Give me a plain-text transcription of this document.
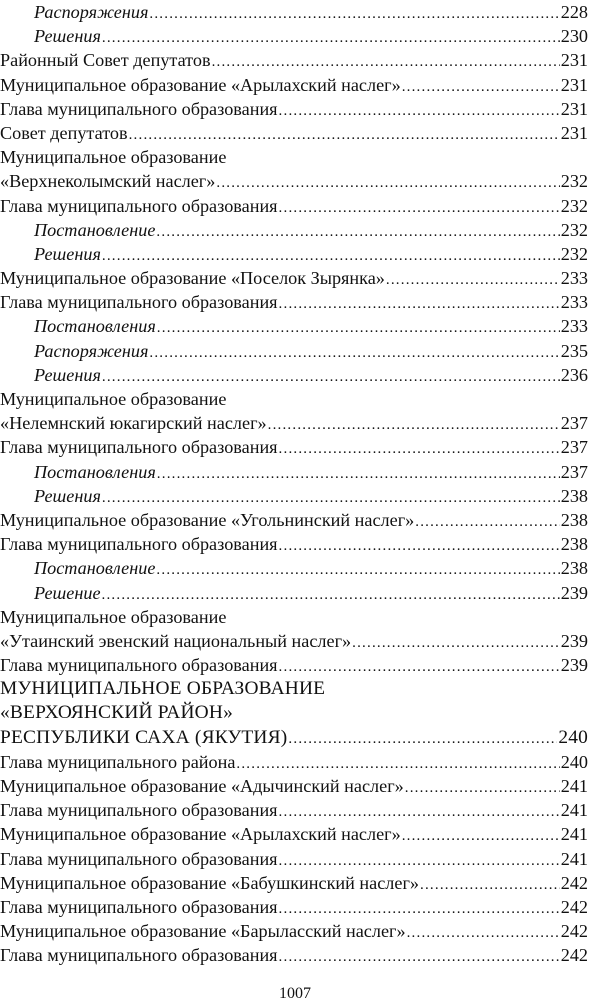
Распоряжения .....	228
Решения .....	230
Районный Совет депутатов .....	231
Муниципальное образование «Арылахский наслег» .....	231
Глава муниципального образования .....	231
Совет депутатов .....	231
Муниципальное образование
«Верхнеколымский наслег» .....	232
Глава муниципального образования .....	232
Постановление .....	232
Решения .....	232
Муниципальное образование «Поселок Зырянка» .....	233
Глава муниципального образования .....	233
Постановления .....	233
Распоряжения .....	235
Решения .....	236
Муниципальное образование
«Нелемнский юкагирский наслег» .....	237
Глава муниципального образования .....	237
Постановления .....	237
Решения .....	238
Муниципальное образование «Угольнинский наслег» .....	238
Глава муниципального образования .....	238
Постановление .....	238
Решение .....	239
Муниципальное образование
«Утаинский эвенский национальный наслег» .....	239
Глава муниципального образования .....	239
МУНИЦИПАЛЬНОЕ ОБРАЗОВАНИЕ
«ВЕРХОЯНСКИЙ РАЙОН»
РЕСПУБЛИКИ САХА (ЯКУТИЯ) .....	240
Глава муниципального района .....	240
Муниципальное образование «Адычинский наслег» .....	241
Глава муниципального образования .....	241
Муниципальное образование «Арылахский наслег» .....	241
Глава муниципального образования .....	241
Муниципальное образование «Бабушкинский наслег» .....	242
Глава муниципального образования .....	242
Муниципальное образование «Барыласский наслег» .....	242
Глава муниципального образования .....	242
1007
